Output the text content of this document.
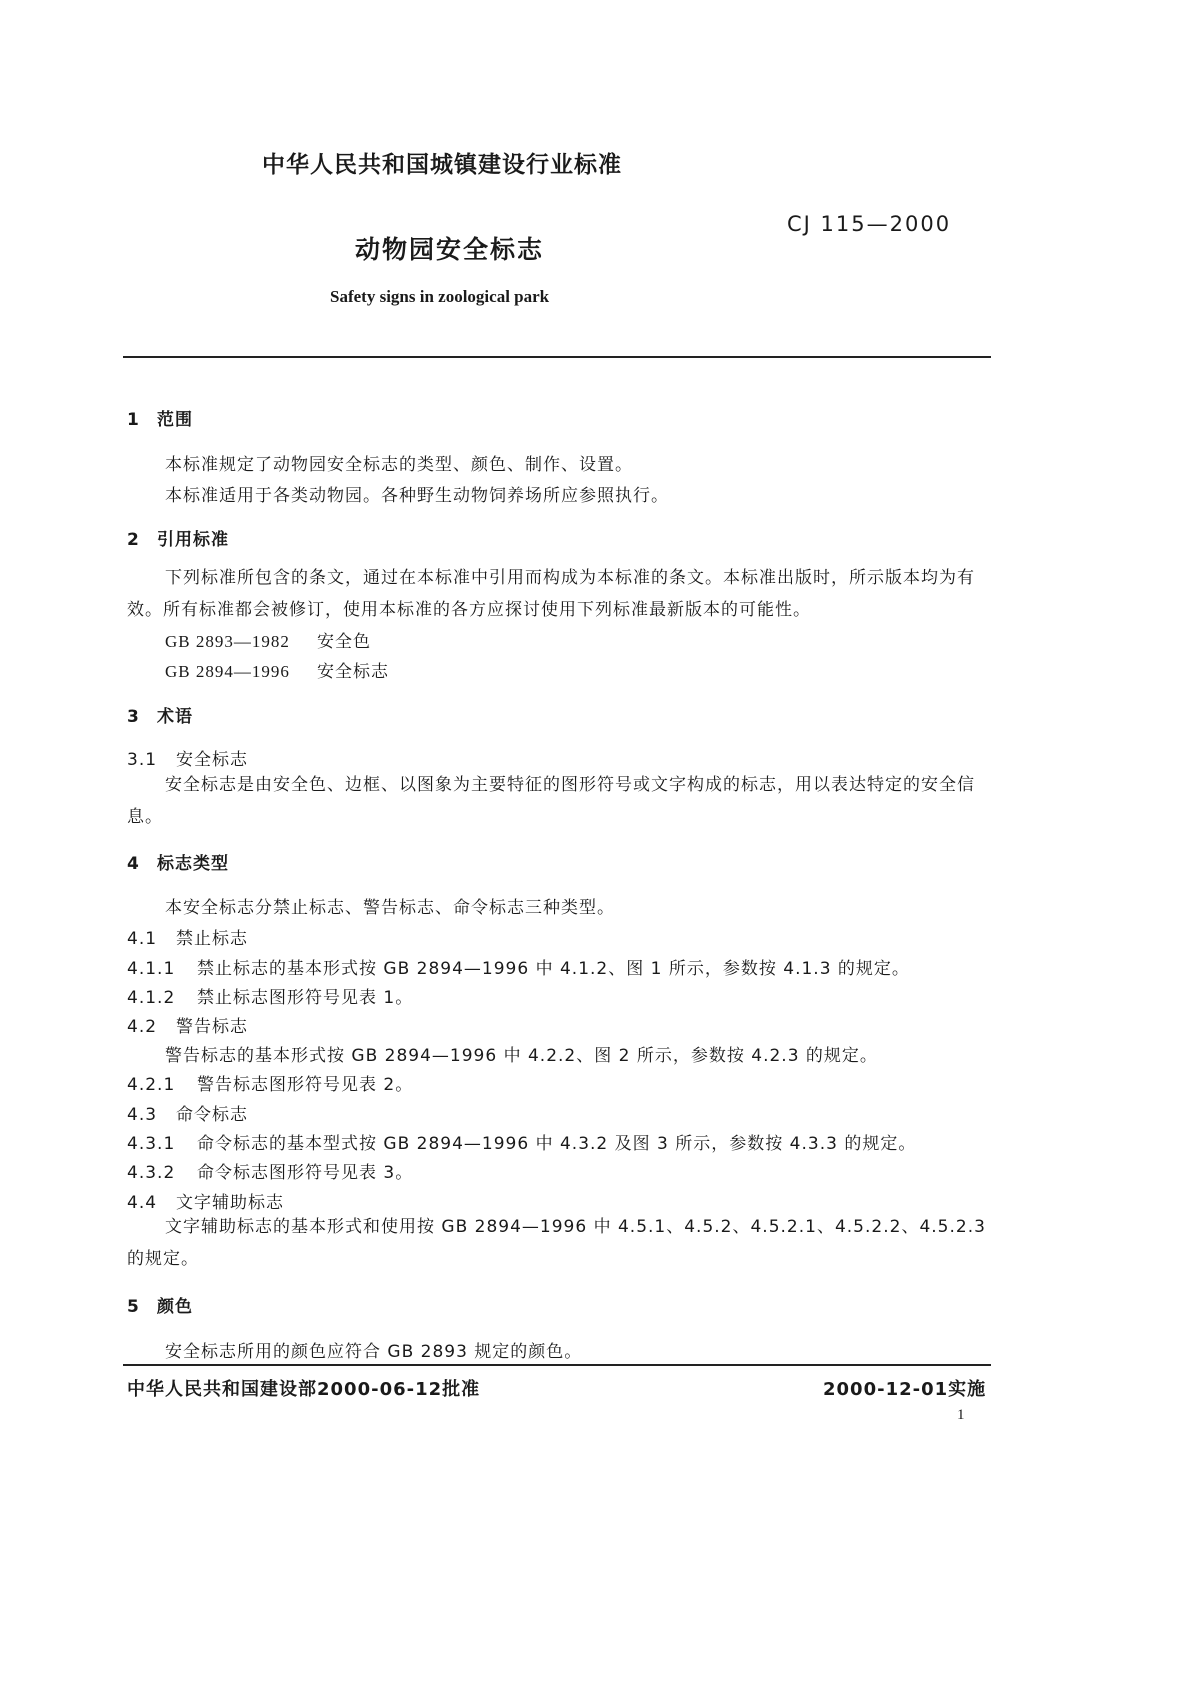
中华人民共和国城镇建设行业标准
CJ 115—2000
动物园安全标志
Safety signs in zoological park
1 范围
本标准规定了动物园安全标志的类型、颜色、制作、设置。
本标准适用于各类动物园。各种野生动物饲养场所应参照执行。
2 引用标准
下列标准所包含的条文，通过在本标准中引用而构成为本标准的条文。本标准出版时，所示版本均为有效。所有标准都会被修订，使用本标准的各方应探讨使用下列标准最新版本的可能性。
GB 2893—1982 安全色
GB 2894—1996 安全标志
3 术语
3.1 安全标志
安全标志是由安全色、边框、以图象为主要特征的图形符号或文字构成的标志，用以表达特定的安全信息。
4 标志类型
本安全标志分禁止标志、警告标志、命令标志三种类型。
4.1 禁止标志
4.1.1 禁止标志的基本形式按 GB 2894—1996 中 4.1.2、图 1 所示，参数按 4.1.3 的规定。
4.1.2 禁止标志图形符号见表 1。
4.2 警告标志
警告标志的基本形式按 GB 2894—1996 中 4.2.2、图 2 所示，参数按 4.2.3 的规定。
4.2.1 警告标志图形符号见表 2。
4.3 命令标志
4.3.1 命令标志的基本型式按 GB 2894—1996 中 4.3.2 及图 3 所示，参数按 4.3.3 的规定。
4.3.2 命令标志图形符号见表 3。
4.4 文字辅助标志
文字辅助标志的基本形式和使用按 GB 2894—1996 中 4.5.1、4.5.2、4.5.2.1、4.5.2.2、4.5.2.3 的规定。
5 颜色
安全标志所用的颜色应符合 GB 2893 规定的颜色。
中华人民共和国建设部2000-06-12批准	2000-12-01实施
1
